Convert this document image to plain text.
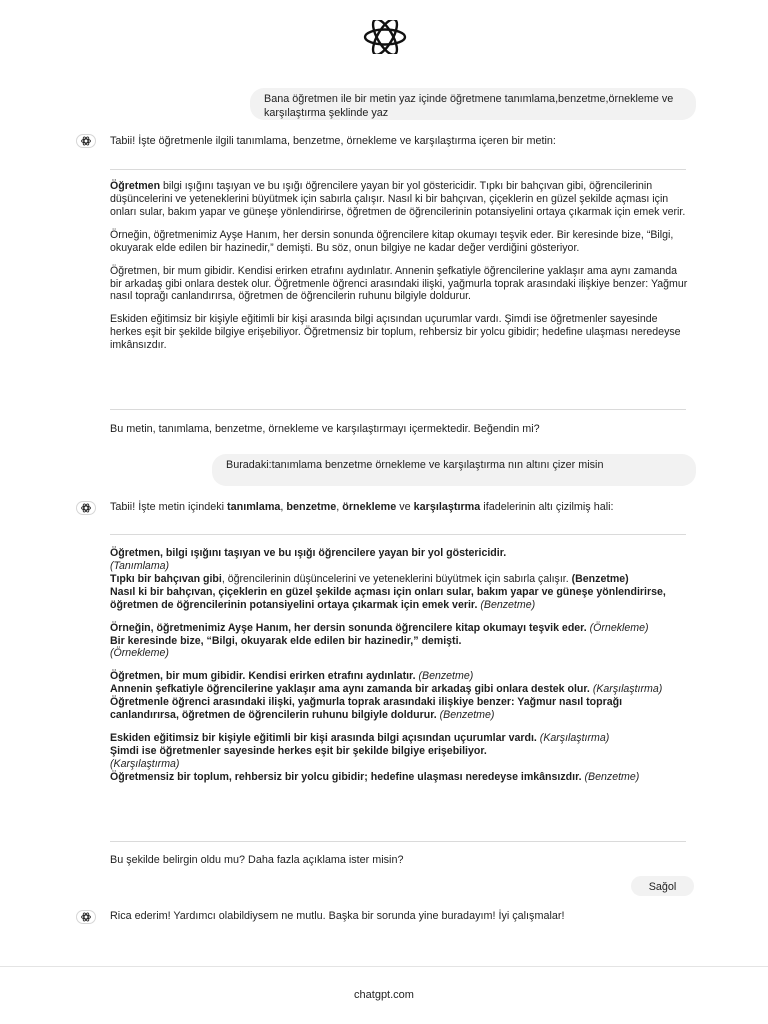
Bana öğretmen ile bir metin yaz içinde öğretmene tanımlama,benzetme,örnekleme ve karşılaştırma şeklinde yaz
Tabii! İşte öğretmenle ilgili tanımlama, benzetme, örnekleme ve karşılaştırma içeren bir metin:

Öğretmen bilgi ışığını taşıyan ve bu ışığı öğrencilere yayan bir yol göstericidir. Tıpkı bir bahçıvan gibi, öğrencilerinin düşüncelerini ve yeteneklerini büyütmek için sabırla çalışır. Nasıl ki bir bahçıvan, çiçeklerin en güzel şekilde açması için onları sular, bakım yapar ve güneşe yönlendirirse, öğretmen de öğrencilerinin potansiyelini ortaya çıkarmak için emek verir.

Örneğin, öğretmenimiz Ayşe Hanım, her dersin sonunda öğrencilere kitap okumayı teşvik eder. Bir keresinde bize, “Bilgi, okuyarak elde edilen bir hazinedir,” demişti. Bu söz, onun bilgiye ne kadar değer verdiğini gösteriyor.

Öğretmen, bir mum gibidir. Kendisi erirken etrafını aydınlatır. Annenin şefkatiyle öğrencilerine yaklaşır ama aynı zamanda bir arkadaş gibi onlara destek olur. Öğretmenle öğrenci arasındaki ilişki, yağmurla toprak arasındaki ilişkiye benzer: Yağmur nasıl toprağı canlandırırsa, öğretmen de öğrencilerin ruhunu bilgiyle doldurur.

Eskiden eğitimsiz bir kişiyle eğitimli bir kişi arasında bilgi açısından uçurumlar vardı. Şimdi ise öğretmenler sayesinde herkes eşit bir şekilde bilgiye erişebiliyor. Öğretmensiz bir toplum, rehbersiz bir yolcu gibidir; hedefine ulaşması neredeyse imkânsızdır.

Bu metin, tanımlama, benzetme, örnekleme ve karşılaştırmayı içermektedir. Beğendin mi?
Buradaki:tanımlama benzetme örnekleme ve karşılaştırma nın altını çizer misin
Tabii! İşte metin içindeki tanımlama, benzetme, örnekleme ve karşılaştırma ifadelerinin altı çizilmiş hali:

Öğretmen, bilgi ışığını taşıyan ve bu ışığı öğrencilere yayan bir yol göstericidir.
(Tanımlama)
Tıpkı bir bahçıvan gibi, öğrencilerinin düşüncelerini ve yeteneklerini büyütmek için sabırla çalışır. (Benzetme)
Nasıl ki bir bahçıvan, çiçeklerin en güzel şekilde açması için onları sular, bakım yapar ve güneşe yönlendirirse, öğretmen de öğrencilerinin potansiyelini ortaya çıkarmak için emek verir. (Benzetme)

Örneğin, öğretmenimiz Ayşe Hanım, her dersin sonunda öğrencilere kitap okumayı teşvik eder. (Örnekleme)
Bir keresinde bize, “Bilgi, okuyarak elde edilen bir hazinedir,” demişti.
(Örnekleme)

Öğretmen, bir mum gibidir. Kendisi erirken etrafını aydınlatır. (Benzetme)
Annenin şefkatiyle öğrencilerine yaklaşır ama aynı zamanda bir arkadaş gibi onlara destek olur. (Karşılaştırma)
Öğretmenle öğrenci arasındaki ilişki, yağmurla toprak arasındaki ilişkiye benzer: Yağmur nasıl toprağı canlandırırsa, öğretmen de öğrencilerin ruhunu bilgiyle doldurur. (Benzetme)

Eskiden eğitimsiz bir kişiyle eğitimli bir kişi arasında bilgi açısından uçurumlar vardı. (Karşılaştırma)
Şimdi ise öğretmenler sayesinde herkes eşit bir şekilde bilgiye erişebiliyor.
(Karşılaştırma)
Öğretmensiz bir toplum, rehbersiz bir yolcu gibidir; hedefine ulaşması neredeyse imkânsızdır. (Benzetme)

Bu şekilde belirgin oldu mu? Daha fazla açıklama ister misin?
Sağol
Rica ederim! Yardımcı olabildiysem ne mutlu. Başka bir sorunda yine buradayım! İyi çalışmalar!
chatgpt.com
